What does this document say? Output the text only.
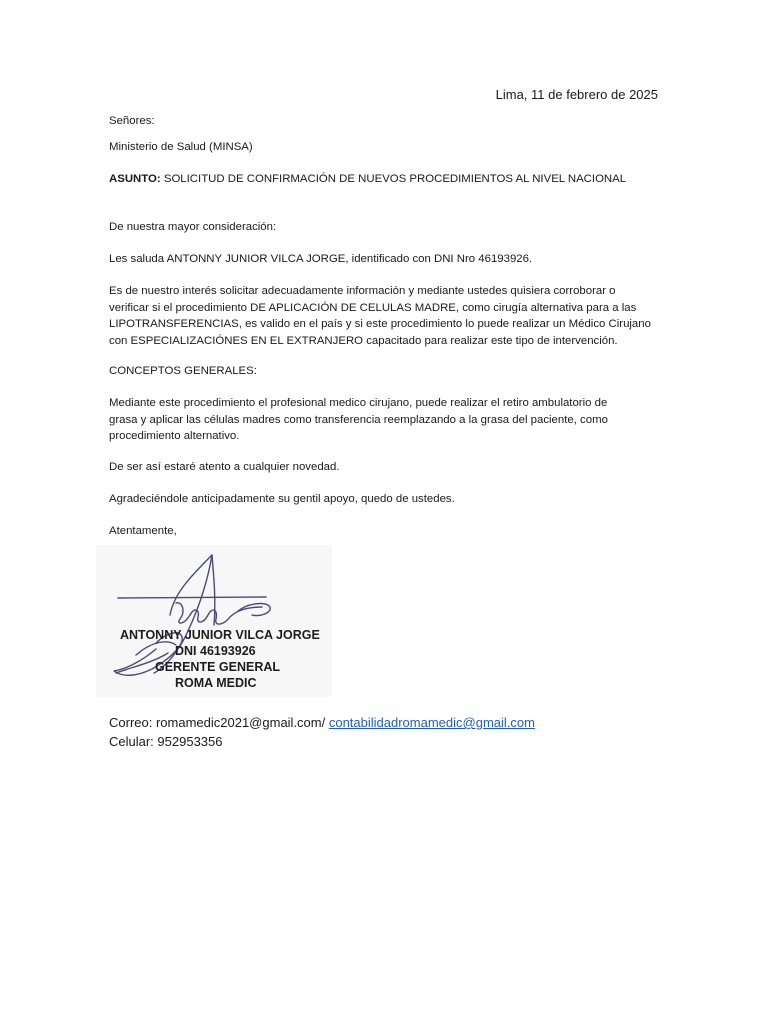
Lima, 11 de febrero de 2025
Señores:
Ministerio de Salud (MINSA)
ASUNTO: SOLICITUD DE CONFIRMACIÓN DE NUEVOS PROCEDIMIENTOS AL NIVEL NACIONAL
De nuestra mayor consideración:
Les saluda ANTONNY JUNIOR VILCA JORGE, identificado con DNI Nro 46193926.
Es de nuestro interés solicitar adecuadamente información y mediante ustedes quisiera corroborar o
verificar si el procedimiento DE APLICACIÓN DE CELULAS MADRE, como cirugía alternativa para a las
LIPOTRANSFERENCIAS, es valido en el país y si este procedimiento lo puede realizar un Médico Cirujano
con ESPECIALIZACIÓNES EN EL EXTRANJERO capacitado para realizar este tipo de intervención.
CONCEPTOS GENERALES:
Mediante este procedimiento el profesional medico cirujano, puede realizar el retiro ambulatorio de
grasa y aplicar las células madres como transferencia reemplazando a la grasa del paciente, como
procedimiento alternativo.
De ser así estaré atento a cualquier novedad.
Agradeciéndole anticipadamente su gentil apoyo, quedo de ustedes.
Atentamente,
ANTONNY JUNIOR VILCA JORGE
DNI 46193926
GERENTE GENERAL
ROMA MEDIC
Correo: romamedic2021@gmail.com/ contabilidadromamedic@gmail.com
Celular: 952953356
